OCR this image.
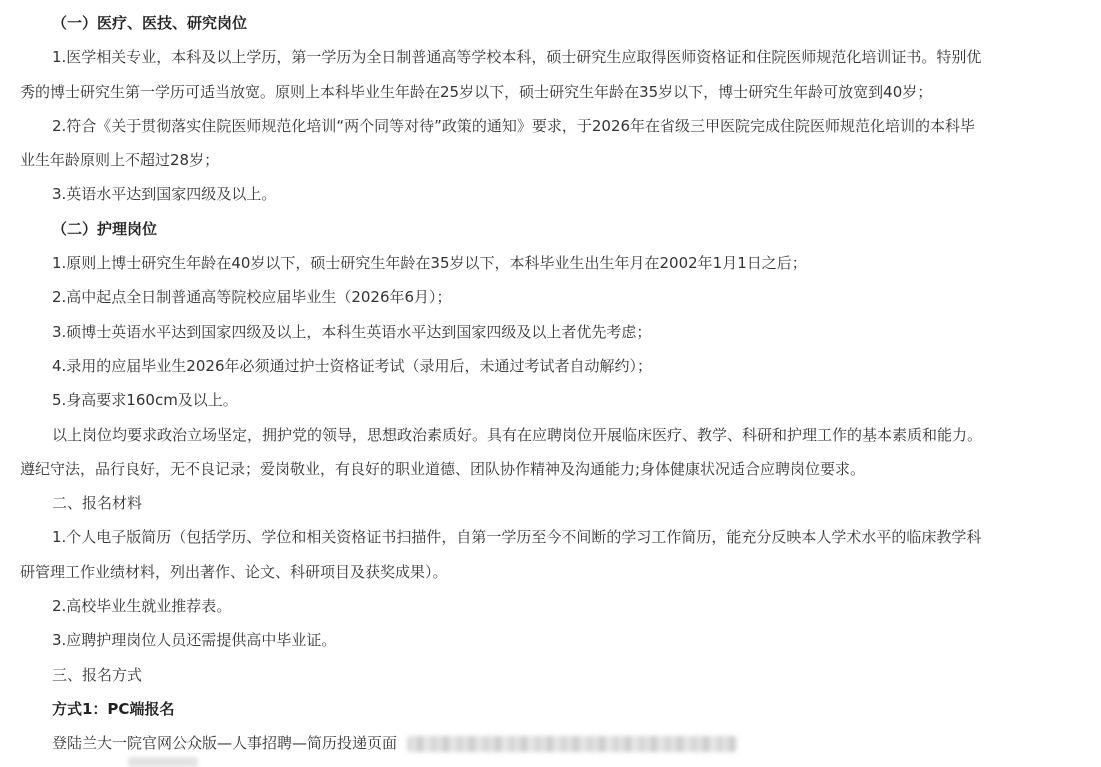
（一）医疗、医技、研究岗位

1.医学相关专业，本科及以上学历，第一学历为全日制普通高等学校本科，硕士研究生应取得医师资格证和住院医师规范化培训证书。特别优

秀的博士研究生第一学历可适当放宽。原则上本科毕业生年龄在25岁以下，硕士研究生年龄在35岁以下，博士研究生年龄可放宽到40岁；

2.符合《关于贯彻落实住院医师规范化培训“两个同等对待”政策的通知》要求，于2026年在省级三甲医院完成住院医师规范化培训的本科毕

业生年龄原则上不超过28岁；

3.英语水平达到国家四级及以上。

（二）护理岗位

1.原则上博士研究生年龄在40岁以下，硕士研究生年龄在35岁以下，本科毕业生出生年月在2002年1月1日之后；

2.高中起点全日制普通高等院校应届毕业生（2026年6月）；

3.硕博士英语水平达到国家四级及以上，本科生英语水平达到国家四级及以上者优先考虑；

4.录用的应届毕业生2026年必须通过护士资格证考试（录用后，未通过考试者自动解约）；

5.身高要求160cm及以上。

以上岗位均要求政治立场坚定，拥护党的领导，思想政治素质好。具有在应聘岗位开展临床医疗、教学、科研和护理工作的基本素质和能力。

遵纪守法，品行良好，无不良记录；爱岗敬业，有良好的职业道德、团队协作精神及沟通能力;身体健康状况适合应聘岗位要求。

二、报名材料

1.个人电子版简历（包括学历、学位和相关资格证书扫描件，自第一学历至今不间断的学习工作简历，能充分反映本人学术水平的临床教学科

研管理工作业绩材料，列出著作、论文、科研项目及获奖成果）。

2.高校毕业生就业推荐表。

3.应聘护理岗位人员还需提供高中毕业证。

三、报名方式

方式1：PC端报名

登陆兰大一院官网公众版—人事招聘—简历投递页面
